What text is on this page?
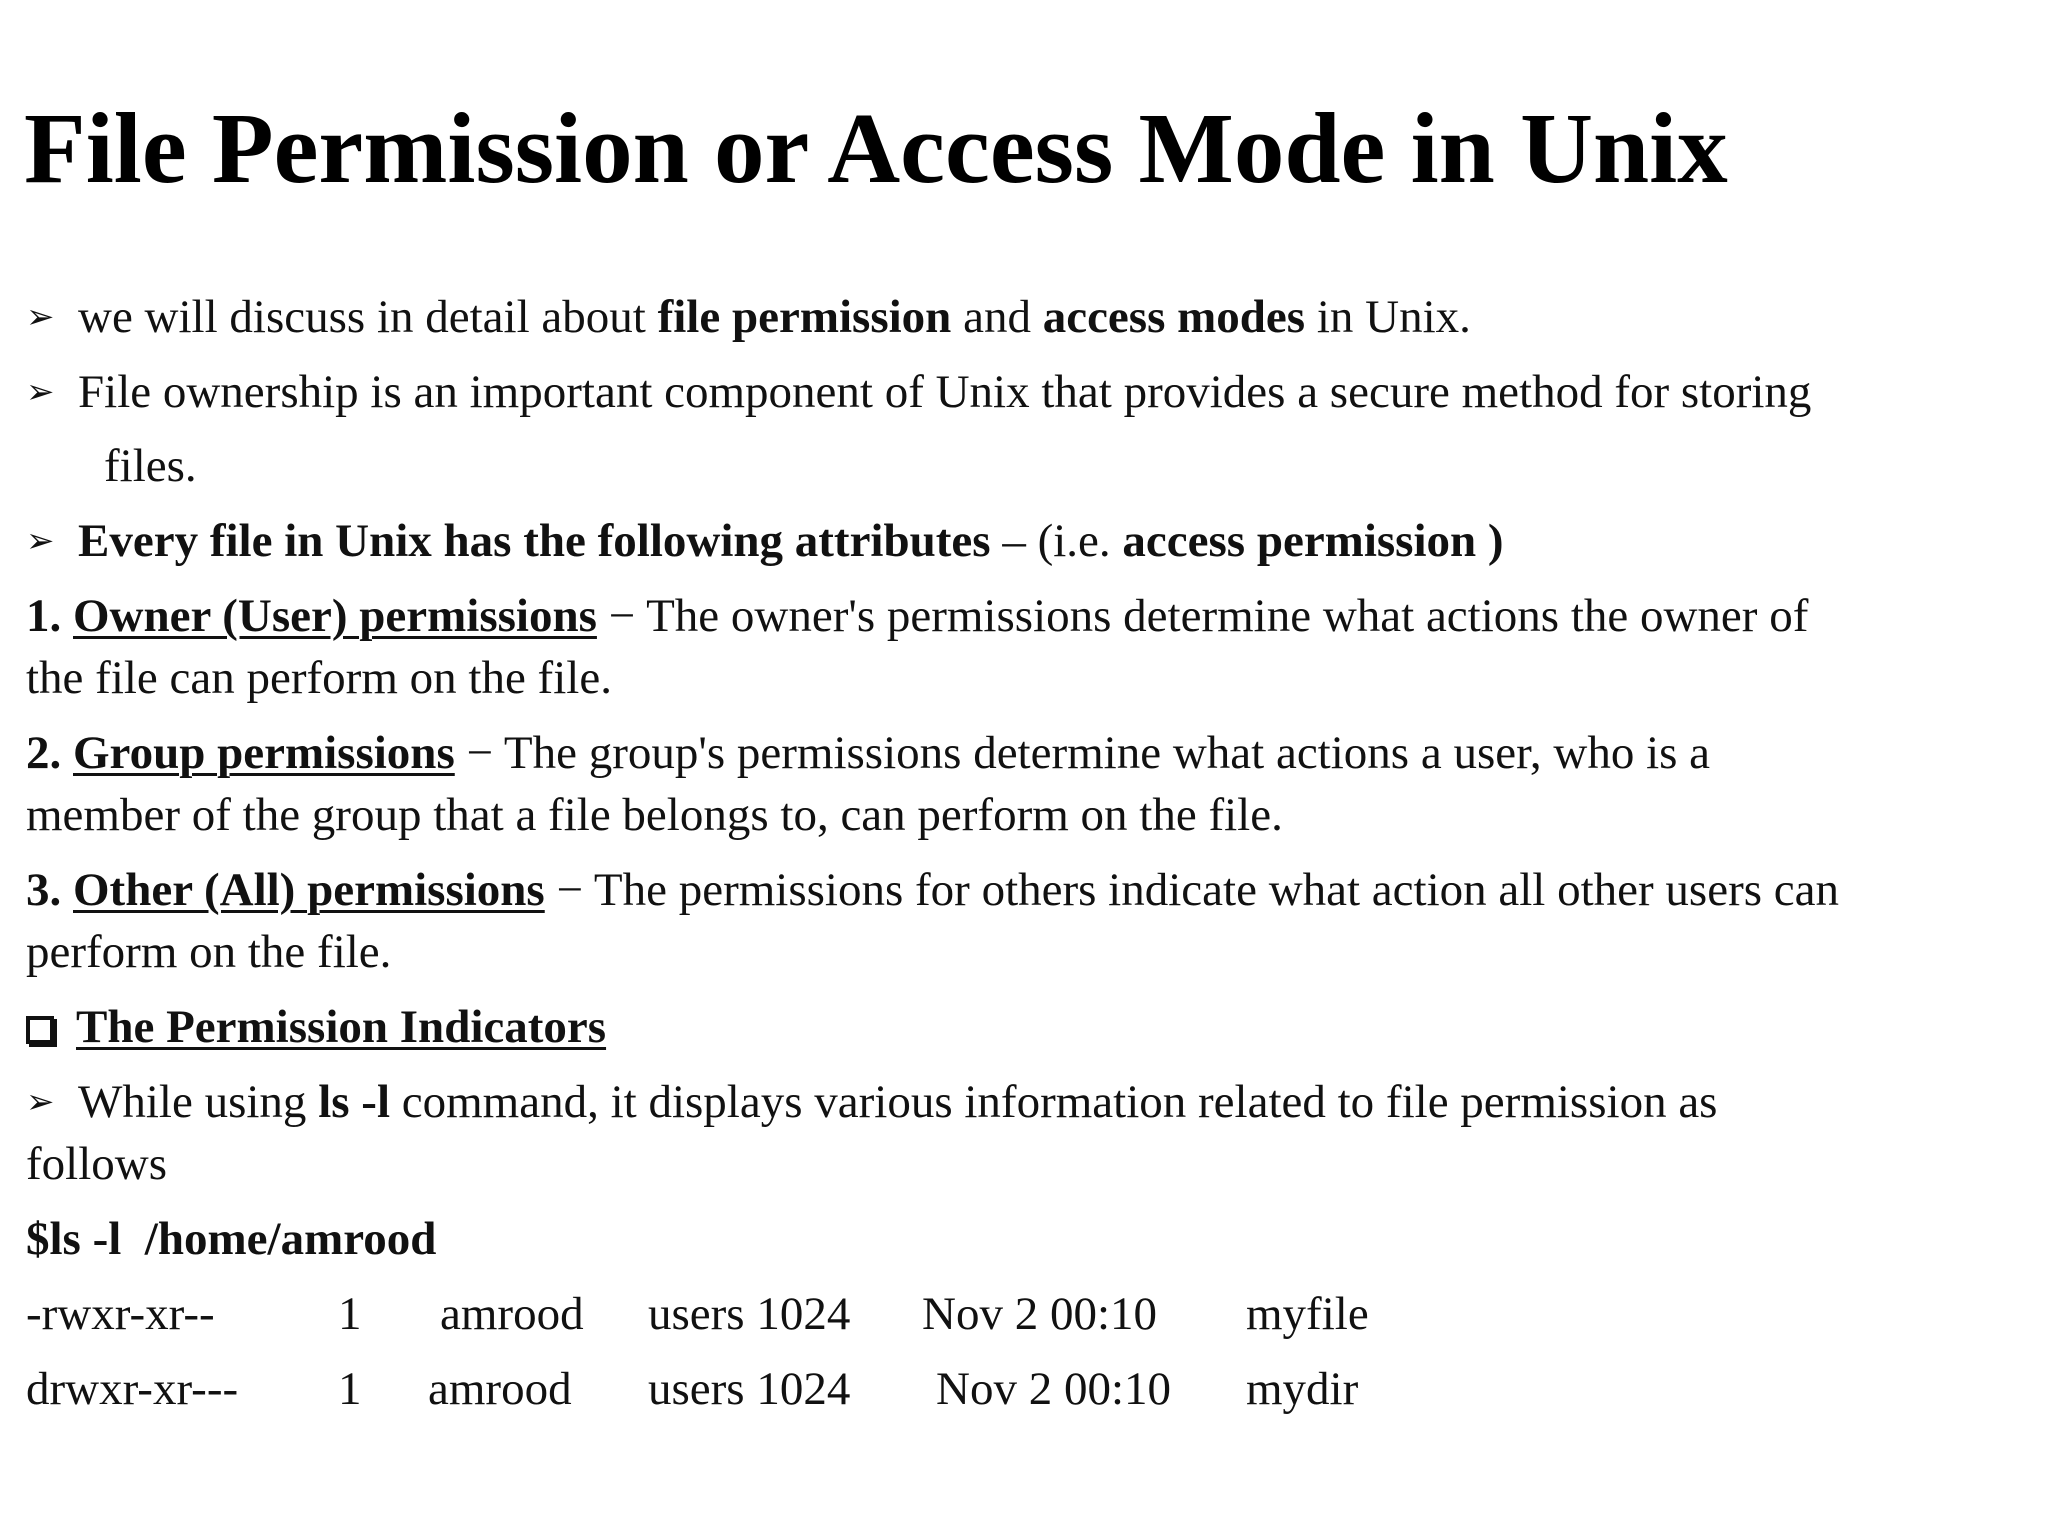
File Permission or Access Mode in Unix

➢ we will discuss in detail about file permission and access modes in Unix.

➢ File ownership is an important component of Unix that provides a secure method for storing

files.

➢ Every file in Unix has the following attributes – (i.e. access permission )

1. Owner (User) permissions − The owner's permissions determine what actions the owner of

the file can perform on the file.

2. Group permissions − The group's permissions determine what actions a user, who is a

member of the group that a file belongs to, can perform on the file.

3. Other (All) permissions − The permissions for others indicate what action all other users can

perform on the file.

The Permission Indicators

➢ While using ls -l command, it displays various information related to file permission as

follows

$ls -l  /home/amrood

-rwxr-xr--	1 amrood users 1024 Nov 2 00:10 myfile
drwxr-xr--- 1 amrood users 1024 Nov 2 00:10 mydir
